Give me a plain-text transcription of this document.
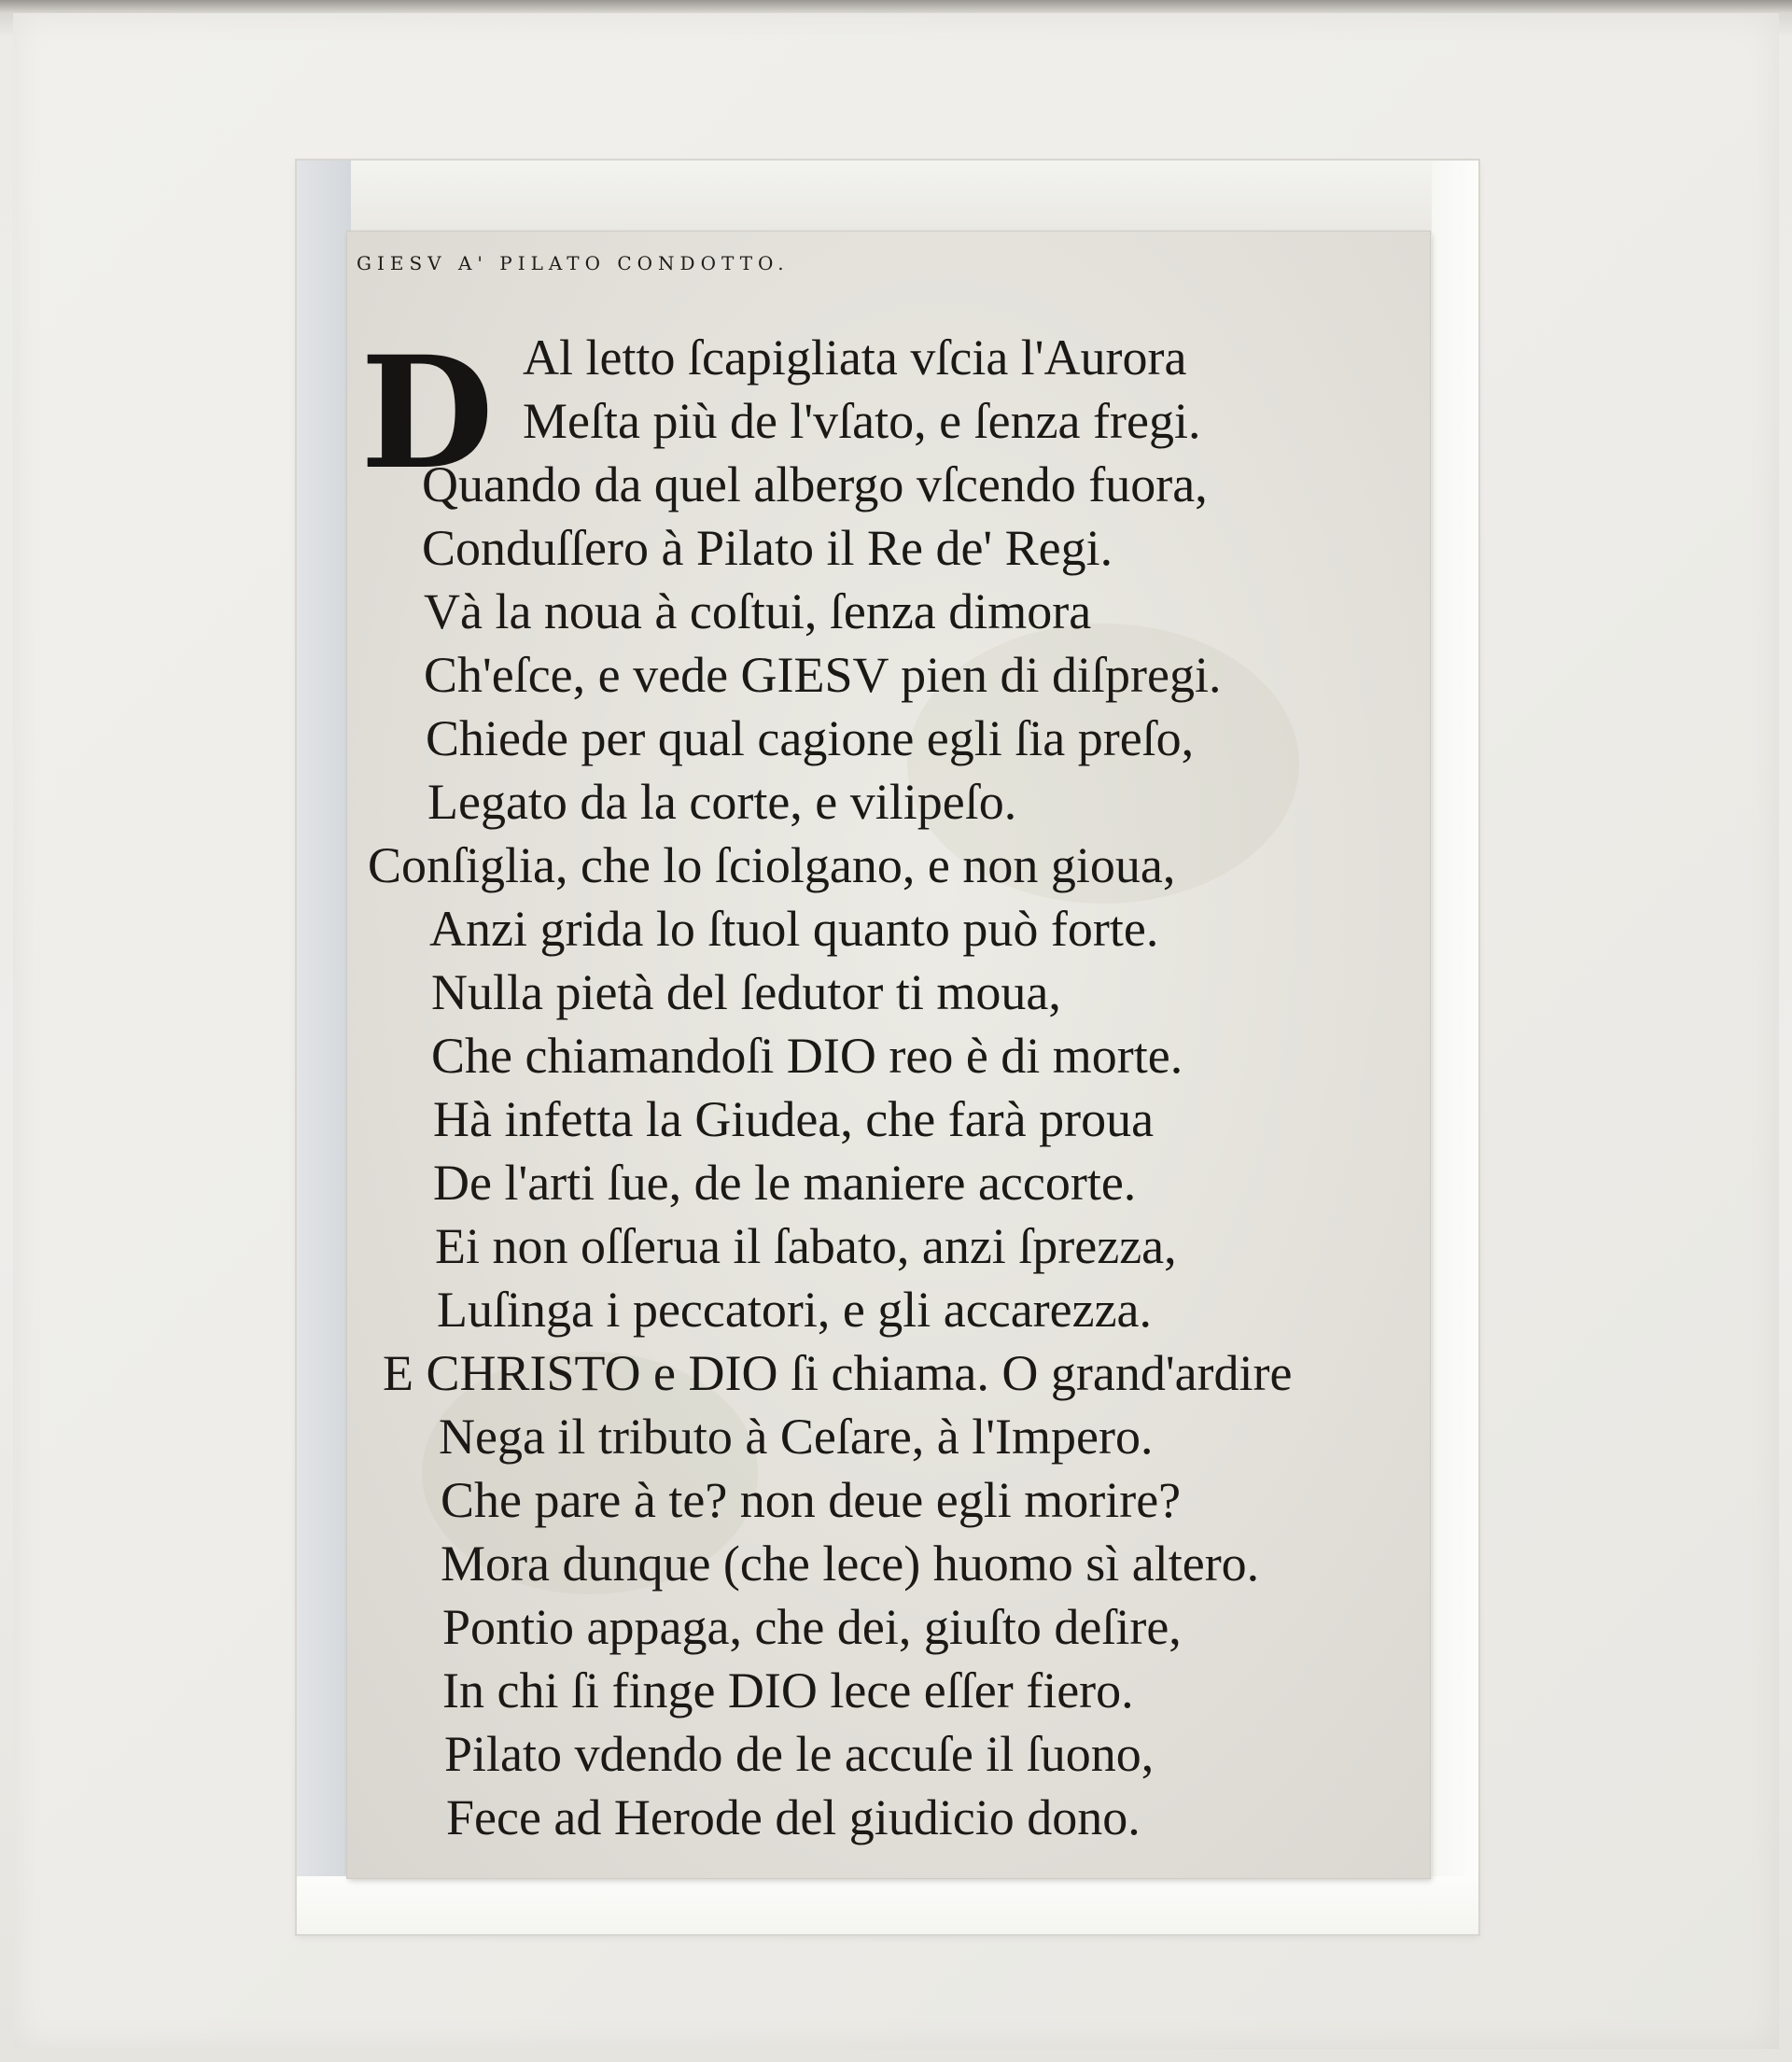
GIESV A' PILATO CONDOTTO.
D Al letto ſcapigliata vſcia l'Aurora
Meſta più de l'vſato, e ſenza fregi.
Quando da quel albergo vſcendo fuora,
Conduſſero à Pilato il Re de' Regi.
Và la noua à coſtui, ſenza dimora
Ch'eſce, e vede GIESV pien di diſpregi.
Chiede per qual cagione egli ſia preſo,
Legato da la corte, e vilipeſo.
Conſiglia, che lo ſciolgano, e non gioua,
Anzi grida lo ſtuol quanto può forte.
Nulla pietà del ſedutor ti moua,
Che chiamandoſi DIO reo è di morte.
Hà infetta la Giudea, che farà proua
De l'arti ſue, de le maniere accorte.
Ei non oſſerua il ſabato, anzi ſprezza,
Luſinga i peccatori, e gli accarezza.
E CHRISTO e DIO ſi chiama. O grand'ardire
Nega il tributo à Ceſare, à l'Impero.
Che pare à te? non deue egli morire?
Mora dunque (che lece) huomo sì altero.
Pontio appaga, che dei, giuſto deſire,
In chi ſi finge DIO lece eſſer fiero.
Pilato vdendo de le accuſe il ſuono,
Fece ad Herode del giudicio dono.
